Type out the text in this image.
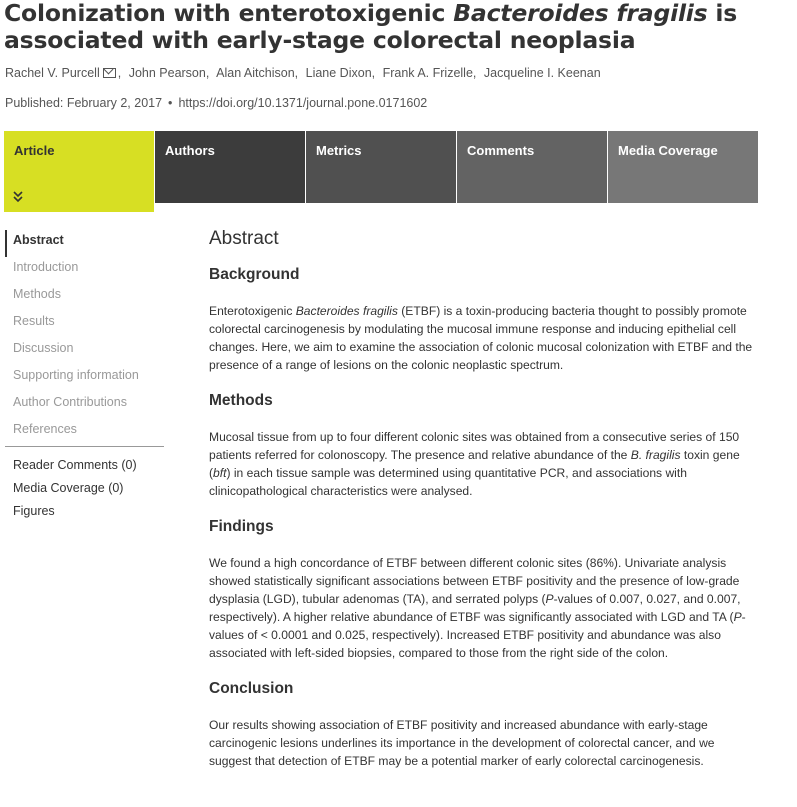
Colonization with enterotoxigenic Bacteroides fragilis is associated with early-stage colorectal neoplasia
Rachel V. Purcell , John Pearson, Alan Aitchison, Liane Dixon, Frank A. Frizelle, Jacqueline I. Keenan
Published: February 2, 2017 • https://doi.org/10.1371/journal.pone.0171602
Article	Authors	Metrics	Comments	Media Coverage
Abstract
Introduction
Methods
Results
Discussion
Supporting information
Author Contributions
References
Reader Comments (0)
Media Coverage (0)
Figures
Abstract
Background

Enterotoxigenic Bacteroides fragilis (ETBF) is a toxin-producing bacteria thought to possibly promote colorectal carcinogenesis by modulating the mucosal immune response and inducing epithelial cell changes. Here, we aim to examine the association of colonic mucosal colonization with ETBF and the presence of a range of lesions on the colonic neoplastic spectrum.

Methods

Mucosal tissue from up to four different colonic sites was obtained from a consecutive series of 150 patients referred for colonoscopy. The presence and relative abundance of the B. fragilis toxin gene (bft) in each tissue sample was determined using quantitative PCR, and associations with clinicopathological characteristics were analysed.

Findings

We found a high concordance of ETBF between different colonic sites (86%). Univariate analysis showed statistically significant associations between ETBF positivity and the presence of low-grade dysplasia (LGD), tubular adenomas (TA), and serrated polyps (P-values of 0.007, 0.027, and 0.007, respectively). A higher relative abundance of ETBF was significantly associated with LGD and TA (P-values of < 0.0001 and 0.025, respectively). Increased ETBF positivity and abundance was also associated with left-sided biopsies, compared to those from the right side of the colon.

Conclusion

Our results showing association of ETBF positivity and increased abundance with early-stage carcinogenic lesions underlines its importance in the development of colorectal cancer, and we suggest that detection of ETBF may be a potential marker of early colorectal carcinogenesis.
